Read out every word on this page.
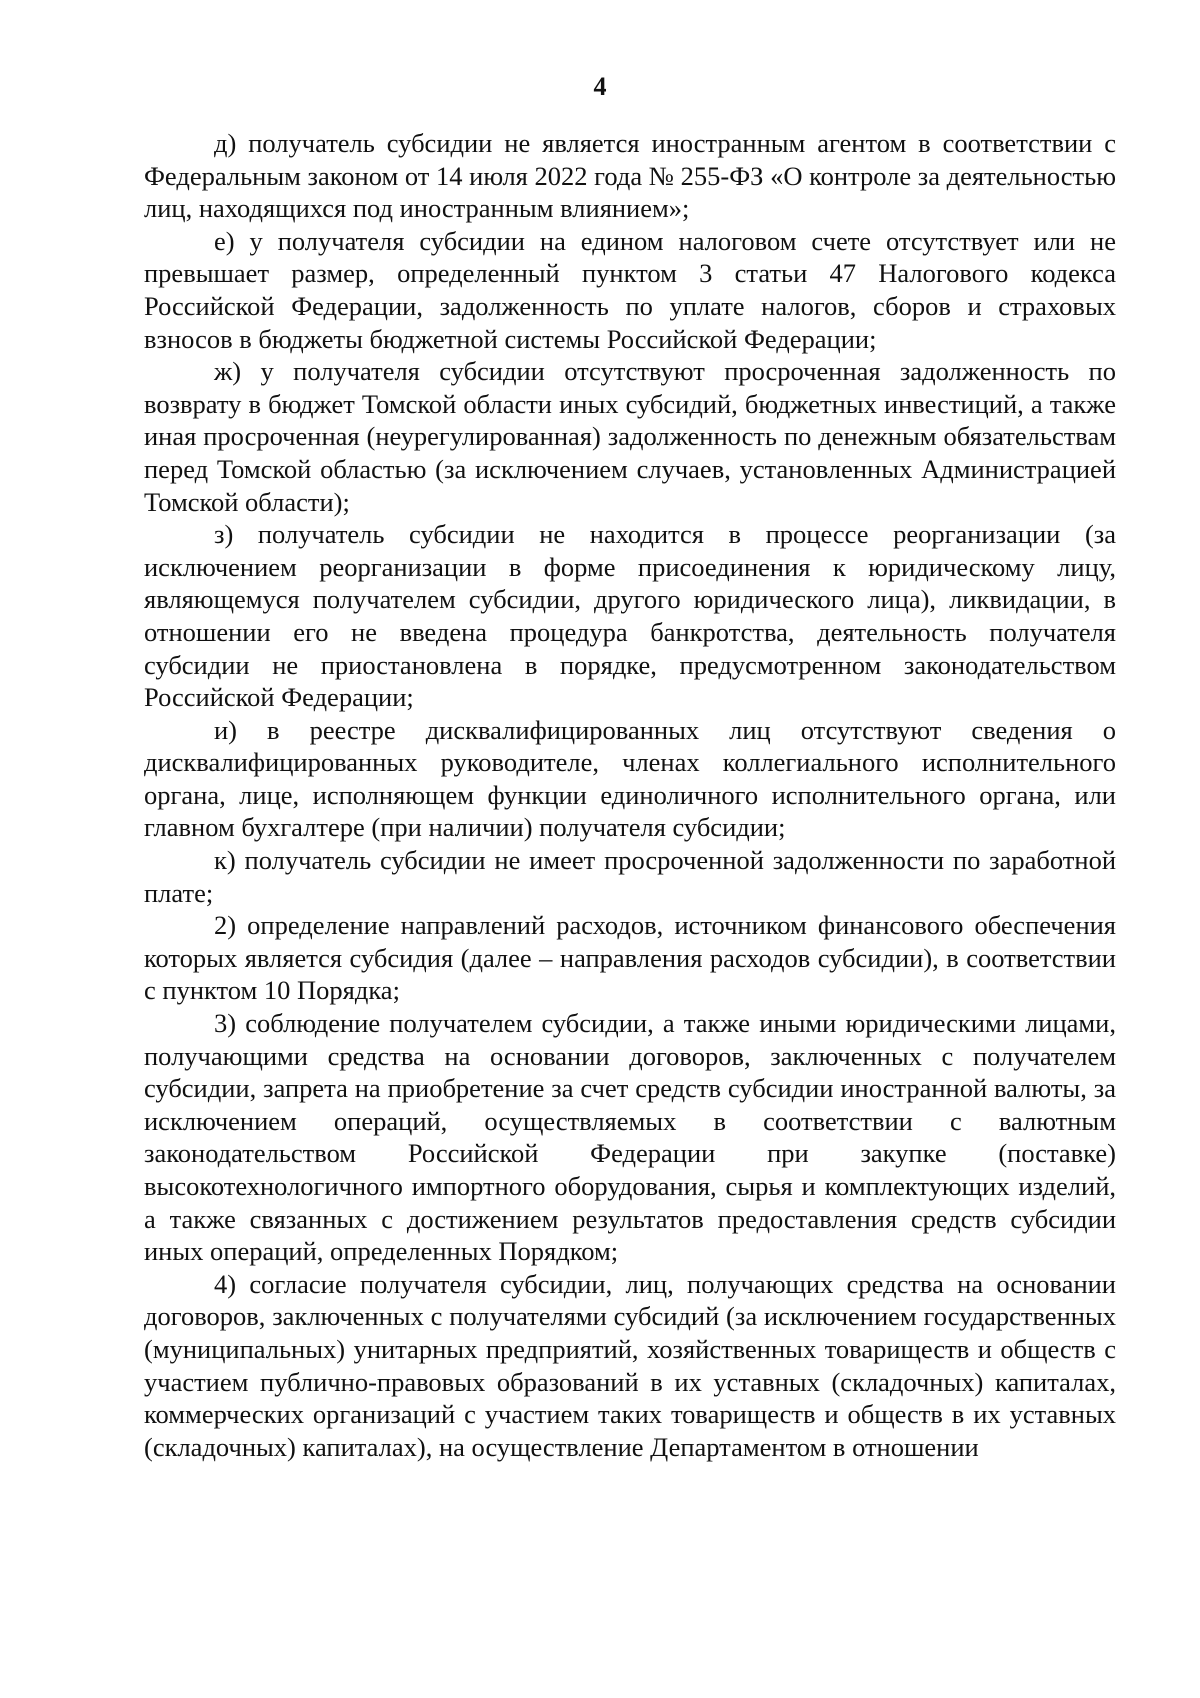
4

д) получатель субсидии не является иностранным агентом в соответствии с Федеральным законом от 14 июля 2022 года № 255-ФЗ «О контроле за деятельностью лиц, находящихся под иностранным влиянием»;

е) у получателя субсидии на едином налоговом счете отсутствует или не превышает размер, определенный пунктом 3 статьи 47 Налогового кодекса Российской Федерации, задолженность по уплате налогов, сборов и страховых взносов в бюджеты бюджетной системы Российской Федерации;

ж) у получателя субсидии отсутствуют просроченная задолженность по возврату в бюджет Томской области иных субсидий, бюджетных инвестиций, а также иная просроченная (неурегулированная) задолженность по денежным обязательствам перед Томской областью (за исключением случаев, установленных Администрацией Томской области);

з) получатель субсидии не находится в процессе реорганизации (за исключением реорганизации в форме присоединения к юридическому лицу, являющемуся получателем субсидии, другого юридического лица), ликвидации, в отношении его не введена процедура банкротства, деятельность получателя субсидии не приостановлена в порядке, предусмотренном законодательством Российской Федерации;

и) в реестре дисквалифицированных лиц отсутствуют сведения о дисквалифицированных руководителе, членах коллегиального исполнительного органа, лице, исполняющем функции единоличного исполнительного органа, или главном бухгалтере (при наличии) получателя субсидии;

к) получатель субсидии не имеет просроченной задолженности по заработной плате;

2) определение направлений расходов, источником финансового обеспечения которых является субсидия (далее – направления расходов субсидии), в соответствии с пунктом 10 Порядка;

3) соблюдение получателем субсидии, а также иными юридическими лицами, получающими средства на основании договоров, заключенных с получателем субсидии, запрета на приобретение за счет средств субсидии иностранной валюты, за исключением операций, осуществляемых в соответствии с валютным законодательством Российской Федерации при закупке (поставке) высокотехнологичного импортного оборудования, сырья и комплектующих изделий, а также связанных с достижением результатов предоставления средств субсидии иных операций, определенных Порядком;

4) согласие получателя субсидии, лиц, получающих средства на основании договоров, заключенных с получателями субсидий (за исключением государственных (муниципальных) унитарных предприятий, хозяйственных товариществ и обществ с участием публично-правовых образований в их уставных (складочных) капиталах, коммерческих организаций с участием таких товариществ и обществ в их уставных (складочных) капиталах), на осуществление Департаментом в отношении
